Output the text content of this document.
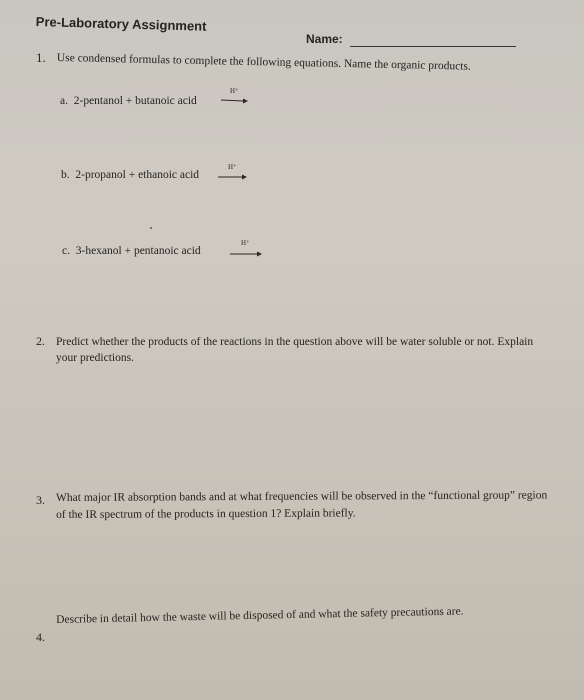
Pre-Laboratory Assignment
Name:
1. Use condensed formulas to complete the following equations. Name the organic products.
a. 2-pentanol + butanoic acid
H⁺
b. 2-propanol + ethanoic acid
H⁺
c. 3-hexanol + pentanoic acid
H⁺
2. Predict whether the products of the reactions in the question above will be water soluble or not. Explain your predictions.
3. What major IR absorption bands and at what frequencies will be observed in the “functional group” region of the IR spectrum of the products in question 1? Explain briefly.
4.
Describe in detail how the waste will be disposed of and what the safety precautions are.
